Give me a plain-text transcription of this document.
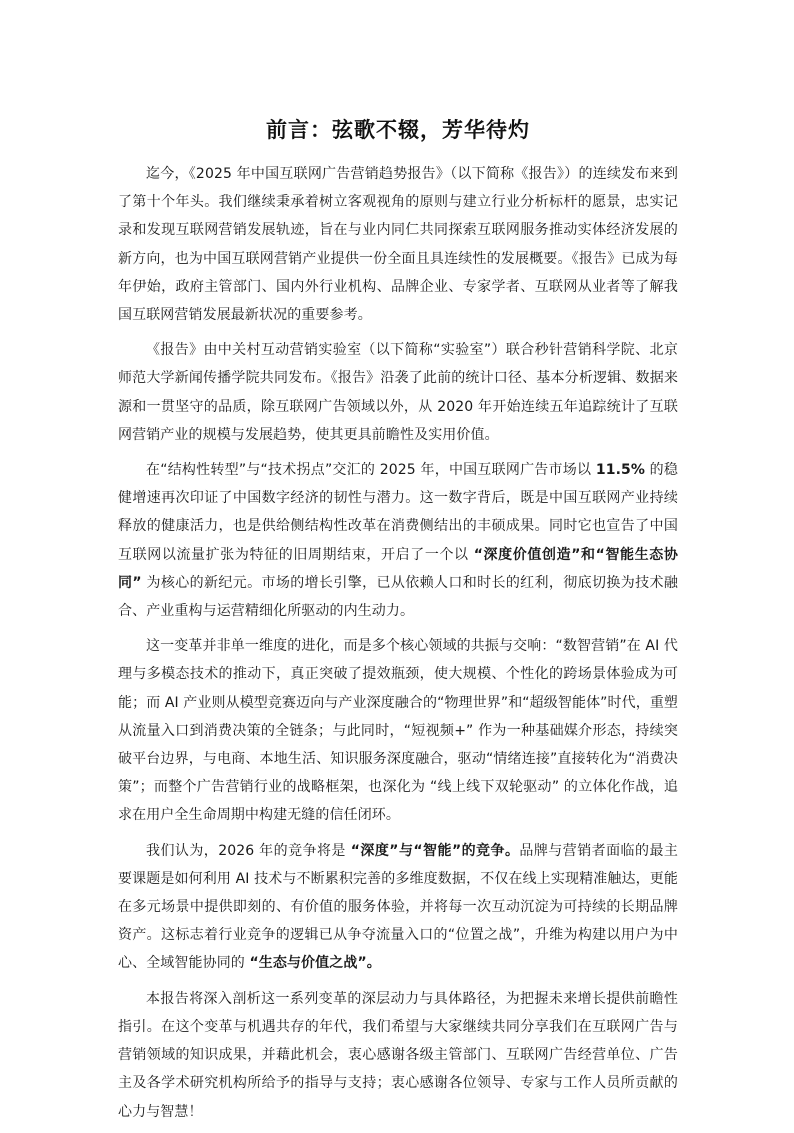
前言：弦歌不辍，芳华待灼

迄今，《2025 年中国互联网广告营销趋势报告》（以下简称《报告》）的连续发布来到了第十个年头。我们继续秉承着树立客观视角的原则与建立行业分析标杆的愿景，忠实记录和发现互联网营销发展轨迹，旨在与业内同仁共同探索互联网服务推动实体经济发展的新方向，也为中国互联网营销产业提供一份全面且具连续性的发展概要。《报告》已成为每年伊始，政府主管部门、国内外行业机构、品牌企业、专家学者、互联网从业者等了解我国互联网营销发展最新状况的重要参考。

《报告》由中关村互动营销实验室（以下简称“实验室”）联合秒针营销科学院、北京师范大学新闻传播学院共同发布。《报告》沿袭了此前的统计口径、基本分析逻辑、数据来源和一贯坚守的品质，除互联网广告领域以外，从 2020 年开始连续五年追踪统计了互联网营销产业的规模与发展趋势，使其更具前瞻性及实用价值。

在“结构性转型”与“技术拐点”交汇的 2025 年，中国互联网广告市场以 11.5% 的稳健增速再次印证了中国数字经济的韧性与潜力。这一数字背后，既是中国互联网产业持续释放的健康活力，也是供给侧结构性改革在消费侧结出的丰硕成果。同时它也宣告了中国互联网以流量扩张为特征的旧周期结束，开启了一个以 “深度价值创造”和“智能生态协同” 为核心的新纪元。市场的增长引擎，已从依赖人口和时长的红利，彻底切换为技术融合、产业重构与运营精细化所驱动的内生动力。

这一变革并非单一维度的进化，而是多个核心领域的共振与交响：“数智营销”在 AI 代理与多模态技术的推动下，真正突破了提效瓶颈，使大规模、个性化的跨场景体验成为可能；而 AI 产业则从模型竞赛迈向与产业深度融合的“物理世界”和“超级智能体”时代，重塑从流量入口到消费决策的全链条；与此同时，“短视频+” 作为一种基础媒介形态，持续突破平台边界，与电商、本地生活、知识服务深度融合，驱动“情绪连接”直接转化为“消费决策”；而整个广告营销行业的战略框架，也深化为 “线上线下双轮驱动” 的立体化作战，追求在用户全生命周期中构建无缝的信任闭环。

我们认为，2026 年的竞争将是 “深度”与“智能”的竞争。品牌与营销者面临的最主要课题是如何利用 AI 技术与不断累积完善的多维度数据，不仅在线上实现精准触达，更能在多元场景中提供即刻的、有价值的服务体验，并将每一次互动沉淀为可持续的长期品牌资产。这标志着行业竞争的逻辑已从争夺流量入口的“位置之战”，升维为构建以用户为中心、全域智能协同的 “生态与价值之战”。

本报告将深入剖析这一系列变革的深层动力与具体路径，为把握未来增长提供前瞻性指引。在这个变革与机遇共存的年代，我们希望与大家继续共同分享我们在互联网广告与营销领域的知识成果，并藉此机会，衷心感谢各级主管部门、互联网广告经营单位、广告主及各学术研究机构所给予的指导与支持；衷心感谢各位领导、专家与工作人员所贡献的心力与智慧！
